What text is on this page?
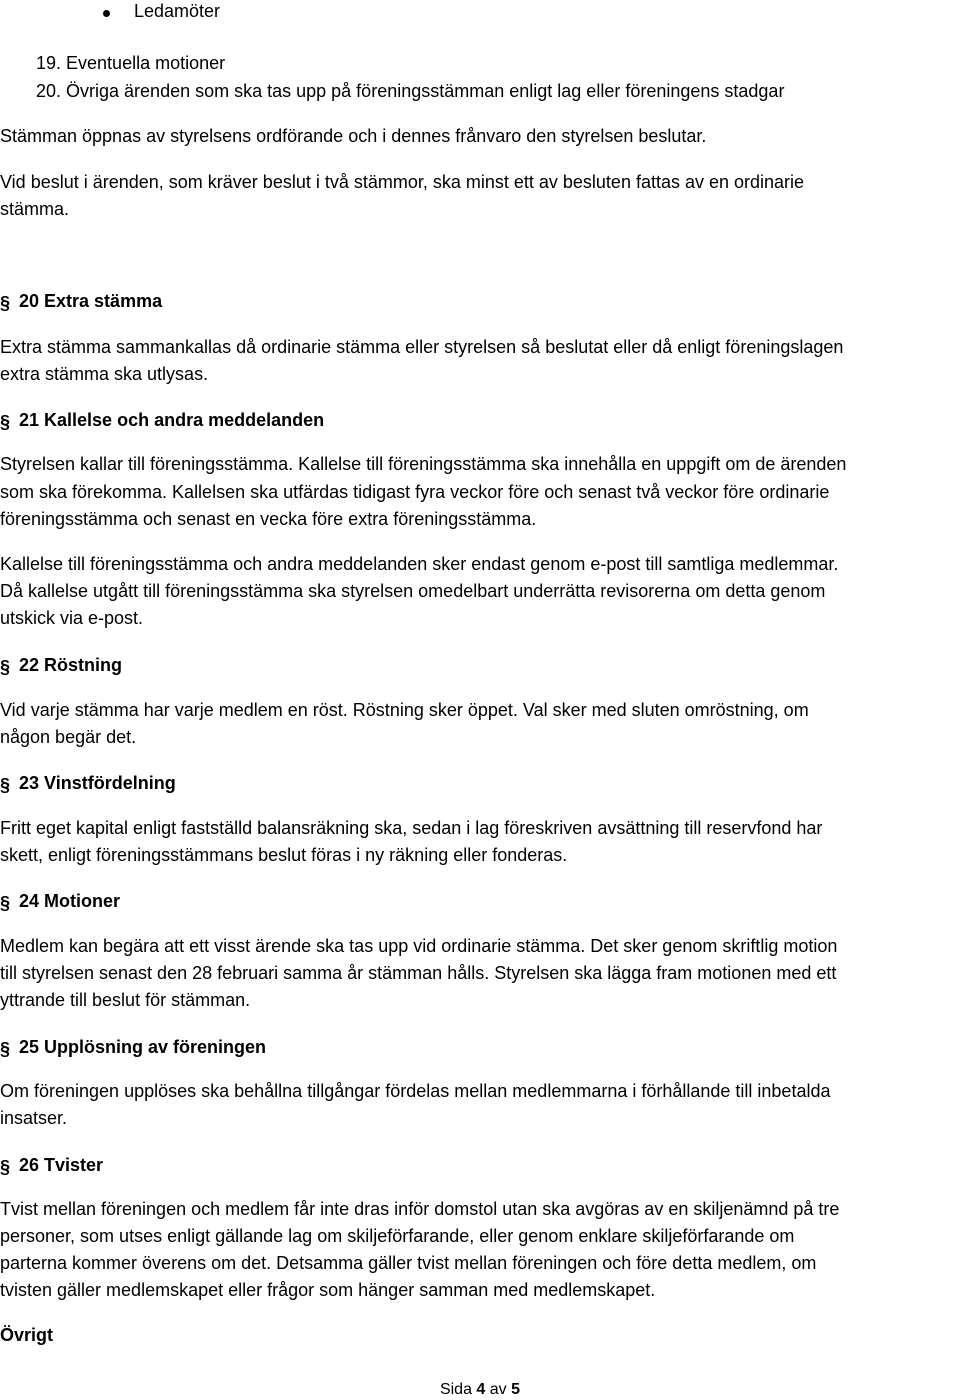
Ledamöter
19. Eventuella motioner
20. Övriga ärenden som ska tas upp på föreningsstämman enligt lag eller föreningens stadgar
Stämman öppnas av styrelsens ordförande och i dennes frånvaro den styrelsen beslutar.
Vid beslut i ärenden, som kräver beslut i två stämmor, ska minst ett av besluten fattas av en ordinarie
stämma.
§ 20 Extra stämma
Extra stämma sammankallas då ordinarie stämma eller styrelsen så beslutat eller då enligt föreningslagen
extra stämma ska utlysas.
§ 21 Kallelse och andra meddelanden
Styrelsen kallar till föreningsstämma. Kallelse till föreningsstämma ska innehålla en uppgift om de ärenden
som ska förekomma. Kallelsen ska utfärdas tidigast fyra veckor före och senast två veckor före ordinarie
föreningsstämma och senast en vecka före extra föreningsstämma.
Kallelse till föreningsstämma och andra meddelanden sker endast genom e-post till samtliga medlemmar.
Då kallelse utgått till föreningsstämma ska styrelsen omedelbart underrätta revisorerna om detta genom
utskick via e-post.
§ 22 Röstning
Vid varje stämma har varje medlem en röst. Röstning sker öppet. Val sker med sluten omröstning, om
någon begär det.
§ 23 Vinstfördelning
Fritt eget kapital enligt fastställd balansräkning ska, sedan i lag föreskriven avsättning till reservfond har
skett, enligt föreningsstämmans beslut föras i ny räkning eller fonderas.
§ 24 Motioner
Medlem kan begära att ett visst ärende ska tas upp vid ordinarie stämma. Det sker genom skriftlig motion
till styrelsen senast den 28 februari samma år stämman hålls. Styrelsen ska lägga fram motionen med ett
yttrande till beslut för stämman.
§ 25 Upplösning av föreningen
Om föreningen upplöses ska behållna tillgångar fördelas mellan medlemmarna i förhållande till inbetalda
insatser.
§ 26 Tvister
Tvist mellan föreningen och medlem får inte dras inför domstol utan ska avgöras av en skiljenämnd på tre
personer, som utses enligt gällande lag om skiljeförfarande, eller genom enklare skiljeförfarande om
parterna kommer överens om det. Detsamma gäller tvist mellan föreningen och före detta medlem, om
tvisten gäller medlemskapet eller frågor som hänger samman med medlemskapet.
Övrigt
Sida 4 av 5
